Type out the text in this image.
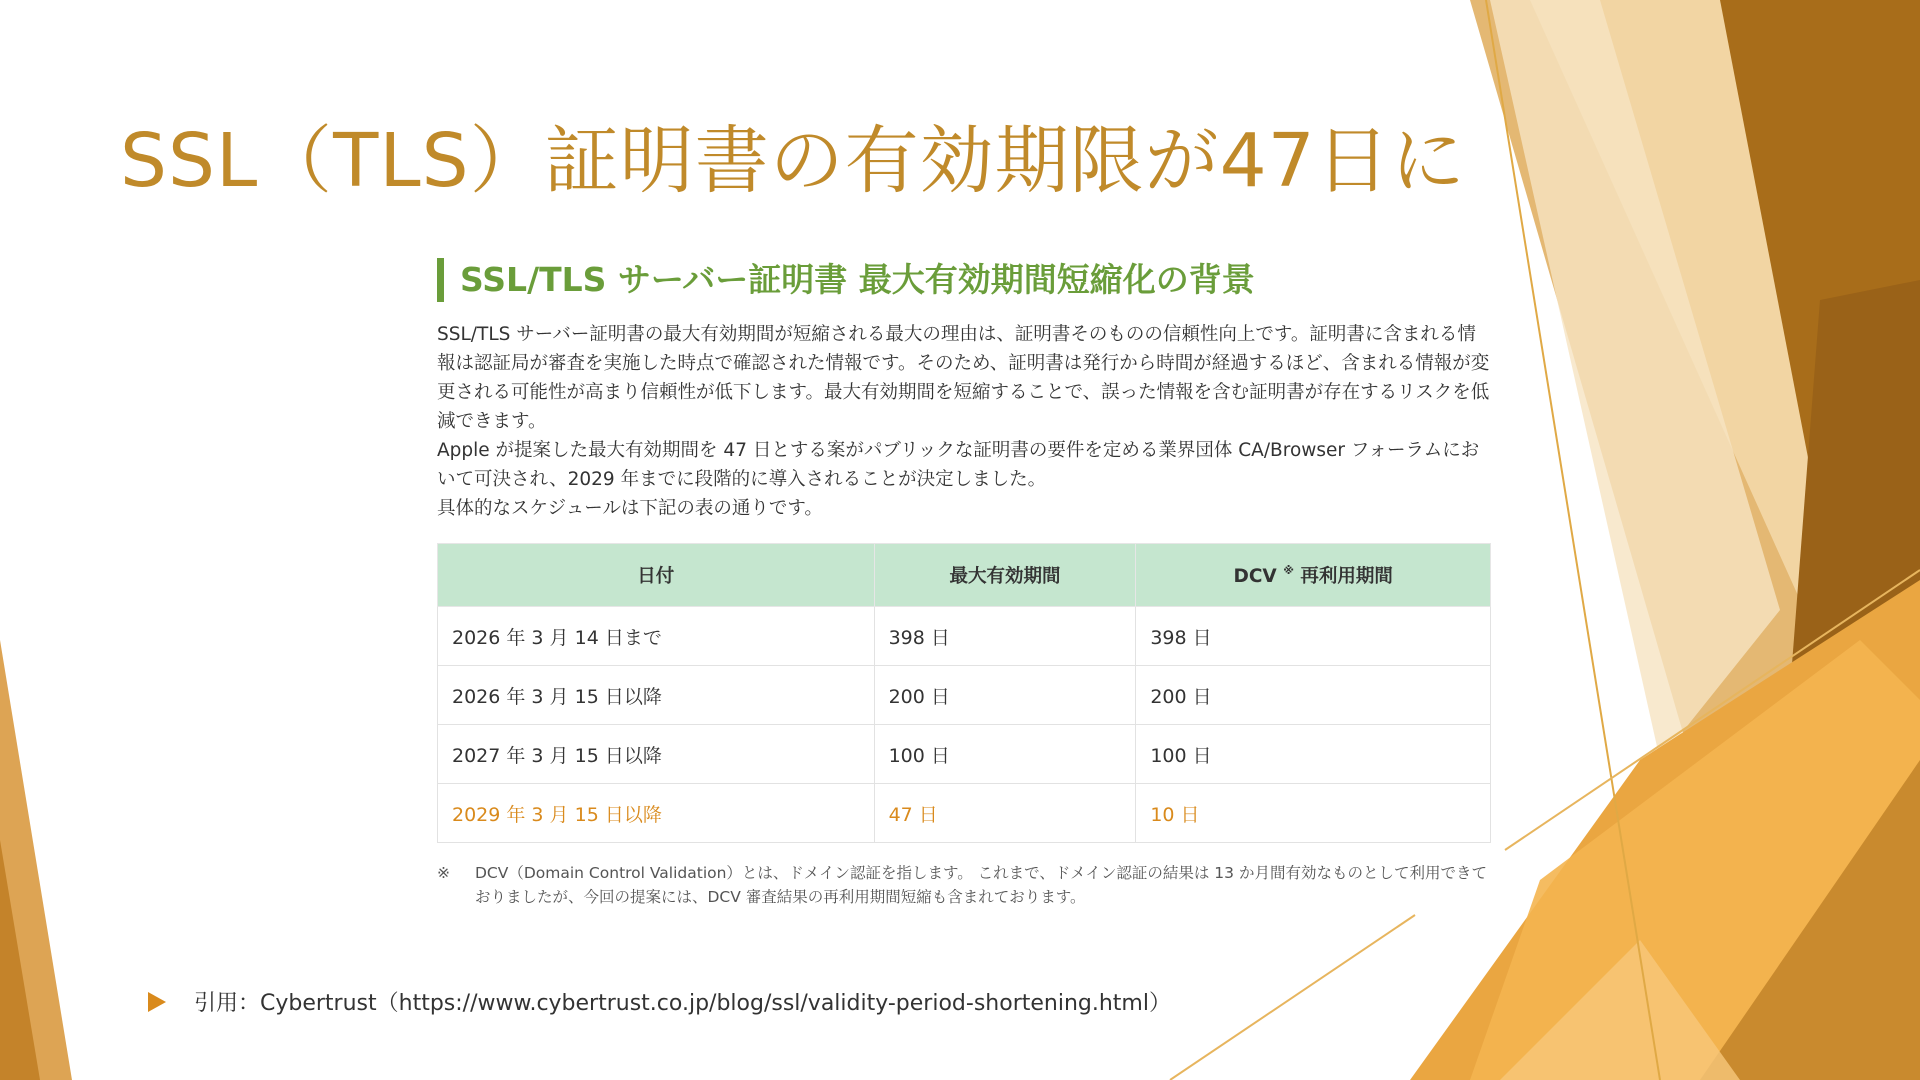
SSL（TLS）証明書の有効期限が47日に
SSL/TLS サーバー証明書 最大有効期間短縮化の背景

SSL/TLS サーバー証明書の最大有効期間が短縮される最大の理由は、証明書そのものの信頼性向上です。証明書に含まれる情報は認証局が審査を実施した時点で確認された情報です。そのため、証明書は発行から時間が経過するほど、含まれる情報が変更される可能性が高まり信頼性が低下します。最大有効期間を短縮することで、誤った情報を含む証明書が存在するリスクを低減できます。

Apple が提案した最大有効期間を 47 日とする案がパブリックな証明書の要件を定める業界団体 CA/Browser フォーラムにおいて可決され、2029 年までに段階的に導入されることが決定しました。

具体的なスケジュールは下記の表の通りです。

日付	最大有効期間	DCV ※ 再利用期間
2026 年 3 月 14 日まで	398 日	398 日
2026 年 3 月 15 日以降	200 日	200 日
2027 年 3 月 15 日以降	100 日	100 日
2029 年 3 月 15 日以降	47 日	10 日
※	DCV（Domain Control Validation）とは、ドメイン認証を指します。 これまで、ドメイン認証の結果は 13 か月間有効なものとして利用できておりましたが、今回の提案には、DCV 審査結果の再利用期間短縮も含まれております。
引用：Cybertrust（https://www.cybertrust.co.jp/blog/ssl/validity-period-shortening.html）
